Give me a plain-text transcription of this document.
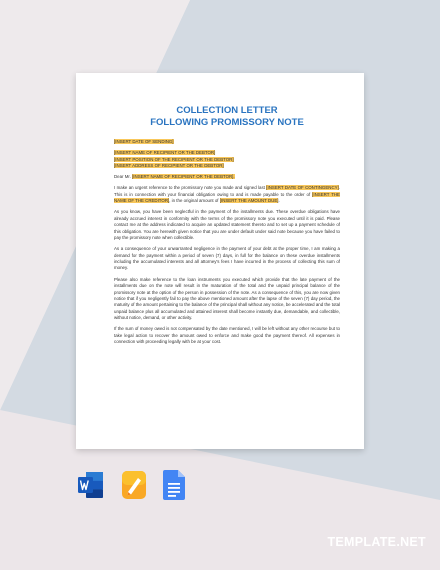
COLLECTION LETTER
FOLLOWING PROMISSORY NOTE

[INSERT DATE OF SENDING]

[INSERT NAME OF RECIPIENT OR THE DEBTOR]

[INSERT POSITION OF THE RECIPIENT OR THE DEBTOR]

[INSERT ADDRESS OF RECIPIENT OR THE DEBTOR]

Dear Mr. [INSERT NAME OF RECIPIENT OR THE DEBTOR].

I make an urgent reference to the promissory note you made and signed last [INSERT DATE OF CONTINGENCY]. This is in connection with your financial obligation owing to and is made payable to the order of [INSERT THE NAME OF THE CREDITOR], in the original amount of [INSERT THE AMOUNT DUE].

As you know, you have been neglectful in the payment of the installments due. These overdue obligations have already accrued interest in conformity with the terms of the promissory note you executed until it is paid. Please contact me at the address indicated to acquire an updated statement thereto and to set up a payment schedule of this obligation. You are herewith given notice that you are under default under said note because you have failed to pay the promissory note when collectible.

As a consequence of your unwarranted negligence in the payment of your debt at the proper time, I am making a demand for the payment within a period of seven (7) days, in full for the balance on these overdue installments including the accumulated interests and all attorney's fees I have incurred in the process of collecting this sum of money.

Please also make reference to the loan instruments you executed which provide that the late payment of the installments due on the note will result in the maturation of the total and the unpaid principal balance of the promissory note at the option of the person in possession of the note. As a consequence of this, you are now given notice that if you negligently fail to pay the above mentioned amount after the lapse of the seven (7) day period, the maturity of the amount pertaining to the balance of the principal shall without any notice, be accelerated and the total unpaid balance plus all accumulated and attained interest shall become instantly due, demandable, and collectible, without notice, demand, or other activity.

If the sum of money owed is not compensated by the date mentioned, I will be left without any other recourse but to take legal action to recover the amount owed to enforce and make good the payment thereof. All expenses in connection with proceeding legally with be at your cost.

TEMPLATE.NET
